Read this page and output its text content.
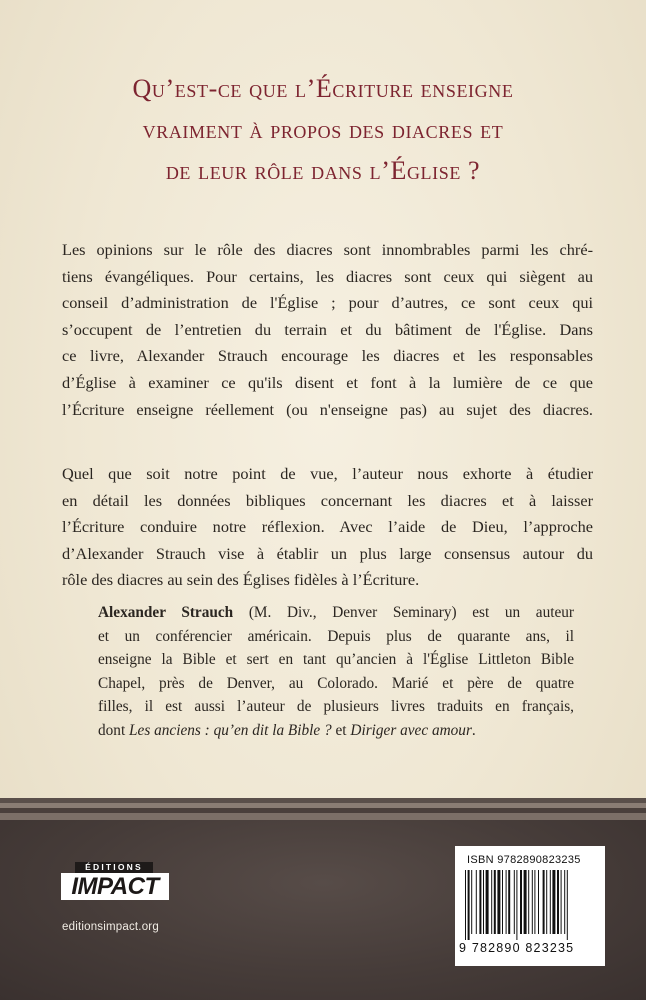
Qu’est-ce que l’Écriture enseigne
vraiment à propos des diacres et
de leur rôle dans l’Église ?
Les opinions sur le rôle des diacres sont innombrables parmi les chré-
tiens évangéliques. Pour certains, les diacres sont ceux qui siègent au
conseil d’administration de l'Église ; pour d’autres, ce sont ceux qui
s’occupent de l’entretien du terrain et du bâtiment de l'Église. Dans
ce livre, Alexander Strauch encourage les diacres et les responsables
d’Église à examiner ce qu'ils disent et font à la lumière de ce que
l’Écriture enseigne réellement (ou n'enseigne pas) au sujet des diacres.
Quel que soit notre point de vue, l’auteur nous exhorte à étudier
en détail les données bibliques concernant les diacres et à laisser
l’Écriture conduire notre réflexion. Avec l’aide de Dieu, l’approche
d’Alexander Strauch vise à établir un plus large consensus autour du
rôle des diacres au sein des Églises fidèles à l’Écriture.
Alexander Strauch (M. Div., Denver Seminary) est un auteur
et un conférencier américain. Depuis plus de quarante ans, il
enseigne la Bible et sert en tant qu’ancien à l'Église Littleton Bible
Chapel, près de Denver, au Colorado. Marié et père de quatre
filles, il est aussi l’auteur de plusieurs livres traduits en français,
dont Les anciens : qu’en dit la Bible ? et Diriger avec amour.
ÉDITIONS
IMPACT
editionsimpact.org
ISBN 9782890823235
9 782890 823235
